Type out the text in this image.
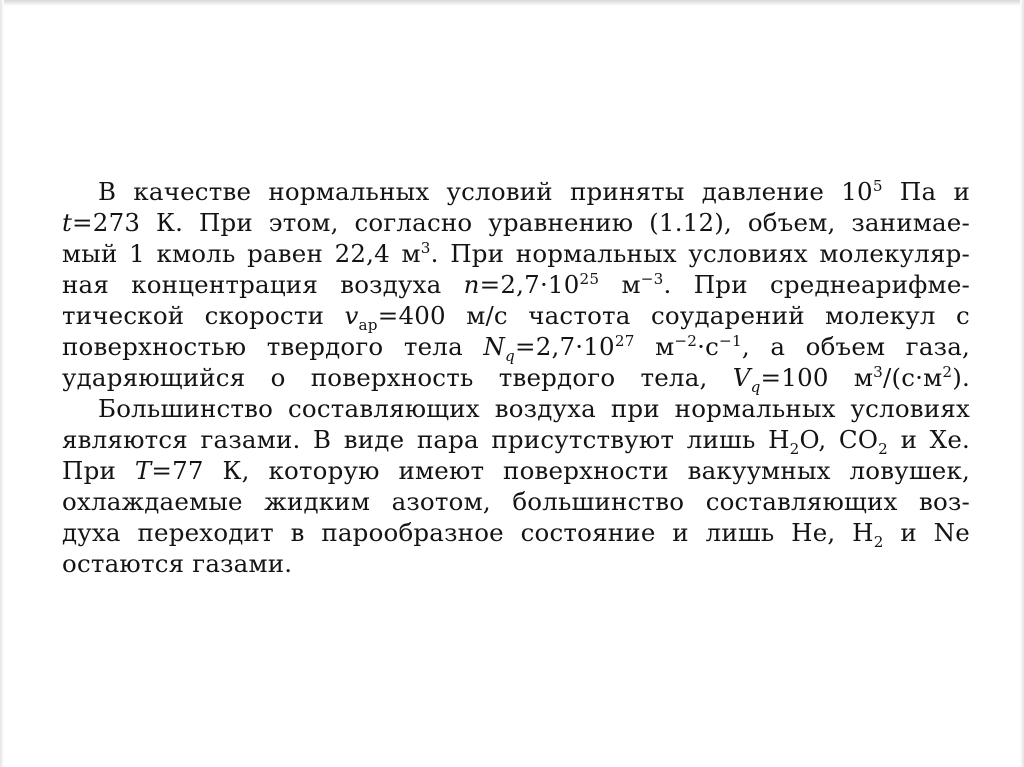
В качестве нормальных условий приняты давление $10^5$ Па и
t=273 К. При этом, согласно уравнению (1.12), объем, занимае-
мый 1 кмоль равен 22,4 $м^3$. При нормальных условиях молекуляр-
ная концентрация воздуха $n=2,7\cdot 10^{25}$ $м^{-3}$. При среднеарифме-
тической скорости $v_{ар}=400$ м/с частота соударений молекул с
поверхностью твердого тела $N_q=2,7\cdot 10^{27}$ $м^{-2}\cdot с^{-1}$, а объем газа,
ударяющийся о поверхность твердого тела, $V_q=100$ $м^3/(с\cdot м^2)$.
Большинство составляющих воздуха при нормальных условиях
являются газами. В виде пара присутствуют лишь $H_2O$, $CO_2$ и Xe.
При T=77 К, которую имеют поверхности вакуумных ловушек,
охлаждаемые жидким азотом, большинство составляющих воз-
духа переходит в парообразное состояние и лишь He, $H_2$ и Ne
остаются газами.
